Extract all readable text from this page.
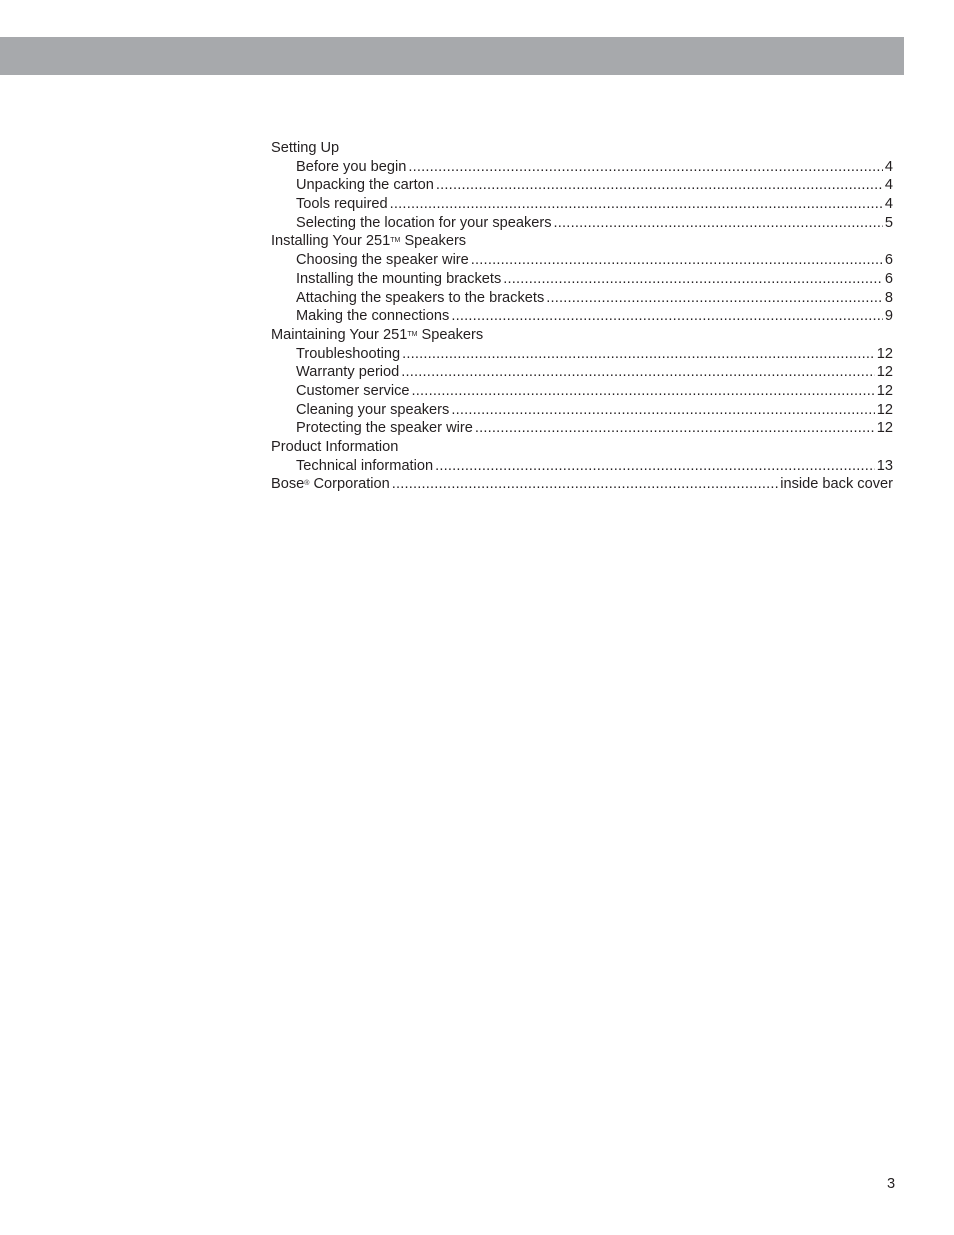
Setting Up
Before you begin .....	4
Unpacking the carton .....	4
Tools required .....	4
Selecting the location for your speakers .....	5
Installing Your 251™ Speakers
Choosing the speaker wire .....	6
Installing the mounting brackets .....	6
Attaching the speakers to the brackets .....	8
Making the connections .....	9
Maintaining Your 251™ Speakers
Troubleshooting .....	12
Warranty period .....	12
Customer service .....	12
Cleaning your speakers .....	12
Protecting the speaker wire .....	12
Product Information
Technical information .....	13
Bose® Corporation .....	inside back cover
3
